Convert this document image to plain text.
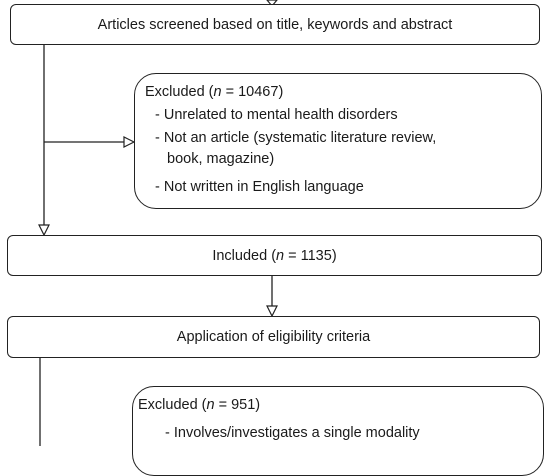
Articles screened based on title, keywords and abstract
Excluded (n = 10467)
- Unrelated to mental health disorders
- Not an article (systematic literature review,
book, magazine)
- Not written in English language
Included (n = 1135)
Application of eligibility criteria
Excluded (n = 951)
- Involves/investigates a single modality
